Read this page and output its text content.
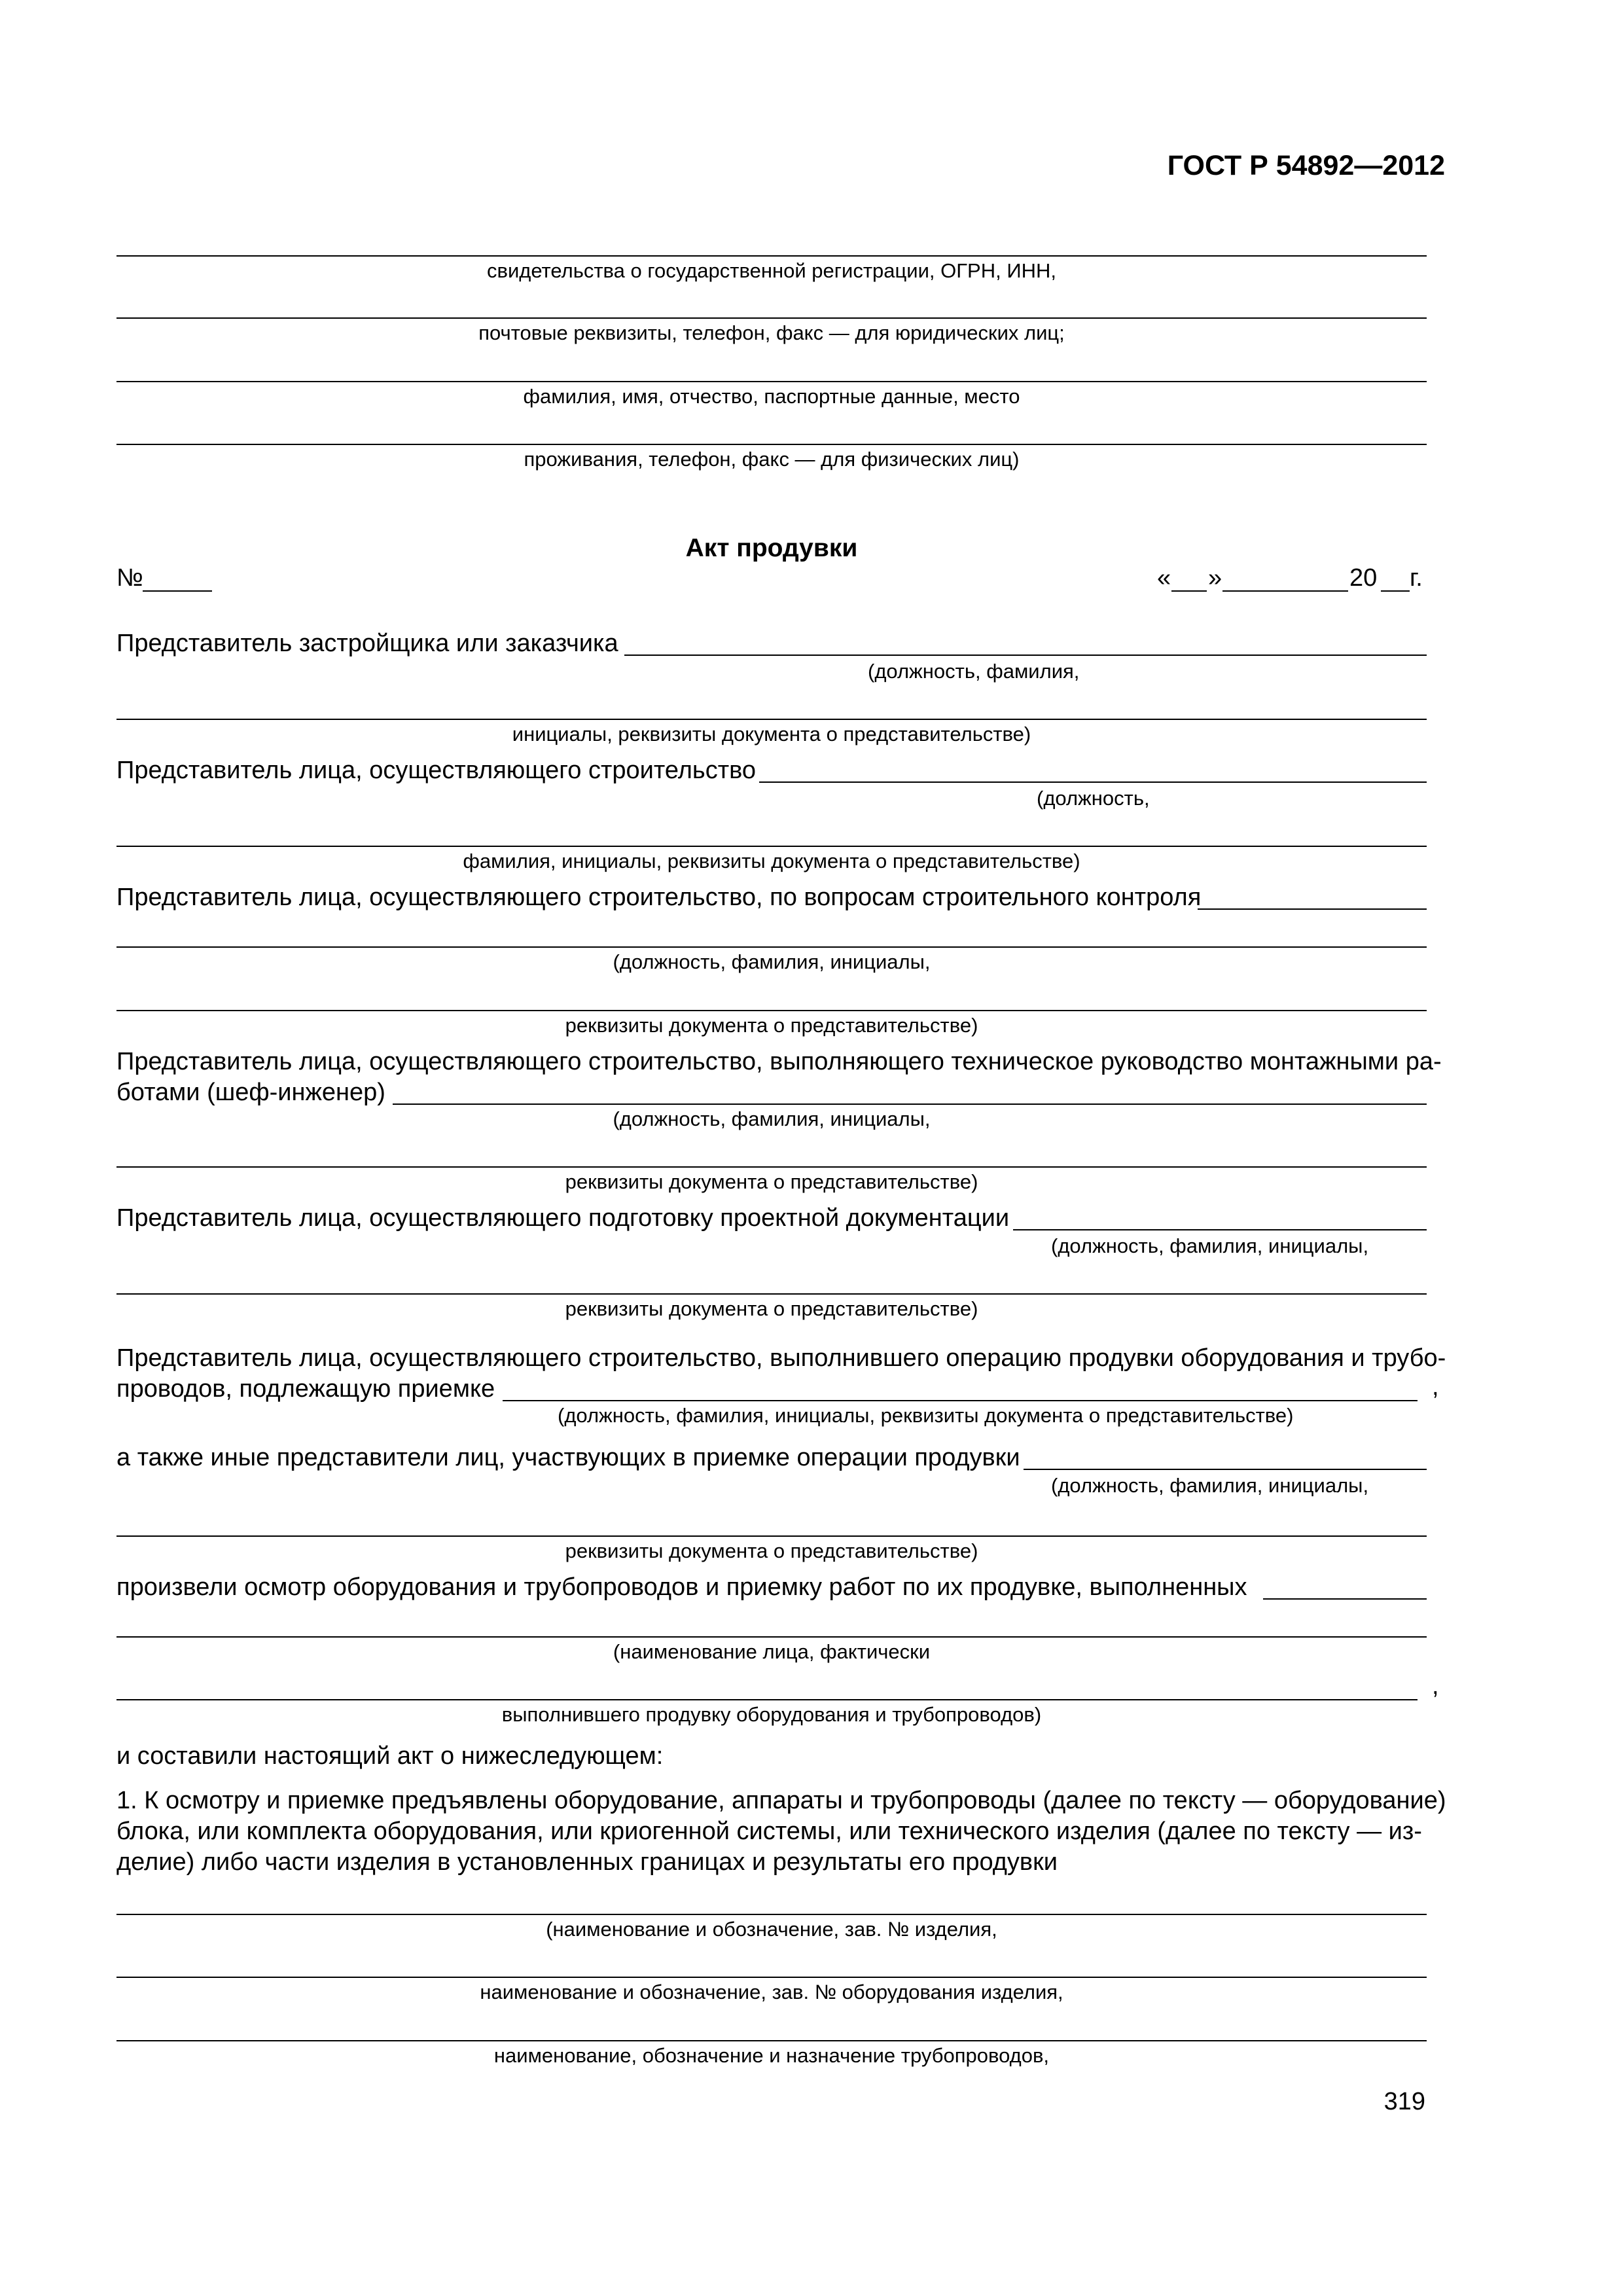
ГОСТ Р 54892—2012
свидетельства о государственной регистрации, ОГРН, ИНН,
почтовые реквизиты, телефон, факс — для юридических лиц;
фамилия, имя, отчество, паспортные данные, место
проживания, телефон, факс — для физических лиц)
Акт продувки
№	« »	20 г.
Представитель застройщика или заказчика
(должность, фамилия,
инициалы, реквизиты документа о представительстве)
Представитель лица, осуществляющего строительство
(должность,
фамилия, инициалы, реквизиты документа о представительстве)
Представитель лица, осуществляющего строительство, по вопросам строительного контроля
(должность, фамилия, инициалы,
реквизиты документа о представительстве)
Представитель лица, осуществляющего строительство, выполняющего техническое руководство монтажными ра-
ботами (шеф-инженер)
(должность, фамилия, инициалы,
реквизиты документа о представительстве)
Представитель лица, осуществляющего подготовку проектной документации
(должность, фамилия, инициалы,
реквизиты документа о представительстве)
Представитель лица, осуществляющего строительство, выполнившего операцию продувки оборудования и трубо-
проводов, подлежащую приемке	,
(должность, фамилия, инициалы, реквизиты документа о представительстве)
а также иные представители лиц, участвующих в приемке операции продувки
(должность, фамилия, инициалы,
реквизиты документа о представительстве)
произвели осмотр оборудования и трубопроводов и приемку работ по их продувке, выполненных
(наименование лица, фактически
,
выполнившего продувку оборудования и трубопроводов)
и составили настоящий акт о нижеследующем:
1. К осмотру и приемке предъявлены оборудование, аппараты и трубопроводы (далее по тексту — оборудование)
блока, или комплекта оборудования, или криогенной системы, или технического изделия (далее по тексту — из-
делие) либо части изделия в установленных границах и результаты его продувки
(наименование и обозначение, зав. № изделия,
наименование и обозначение, зав. № оборудования изделия,
наименование, обозначение и назначение трубопроводов,
319
